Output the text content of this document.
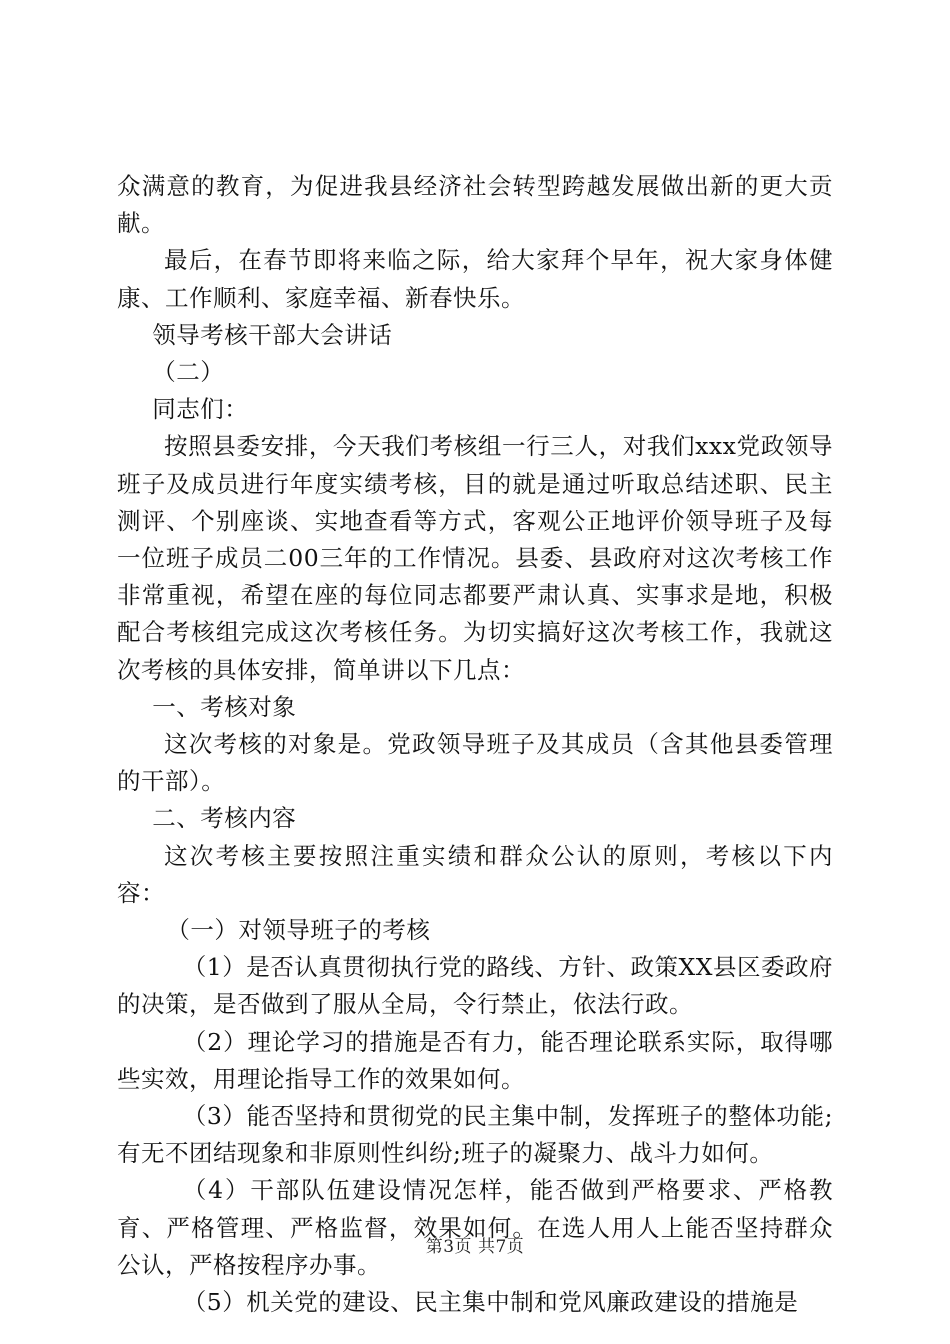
众满意的教育，为促进我县经济社会转型跨越发展做出新的更大贡献。

最后，在春节即将来临之际，给大家拜个早年，祝大家身体健康、工作顺利、家庭幸福、新春快乐。

领导考核干部大会讲话

（二）

同志们：

按照县委安排，今天我们考核组一行三人，对我们xxx党政领导班子及成员进行年度实绩考核，目的就是通过听取总结述职、民主测评、个别座谈、实地查看等方式，客观公正地评价领导班子及每一位班子成员二00三年的工作情况。县委、县政府对这次考核工作非常重视，希望在座的每位同志都要严肃认真、实事求是地，积极配合考核组完成这次考核任务。为切实搞好这次考核工作，我就这次考核的具体安排，简单讲以下几点：

一、考核对象

这次考核的对象是。党政领导班子及其成员（含其他县委管理的干部）。

二、考核内容

这次考核主要按照注重实绩和群众公认的原则，考核以下内容：

（一）对领导班子的考核

（1）是否认真贯彻执行党的路线、方针、政策XX县区委政府的决策，是否做到了服从全局，令行禁止，依法行政。

（2）理论学习的措施是否有力，能否理论联系实际，取得哪些实效，用理论指导工作的效果如何。

（3）能否坚持和贯彻党的民主集中制，发挥班子的整体功能;有无不团结现象和非原则性纠纷;班子的凝聚力、战斗力如何。

（4）干部队伍建设情况怎样，能否做到严格要求、严格教育、严格管理、严格监督，效果如何。在选人用人上能否坚持群众公认，严格按程序办事。

（5）机关党的建设、民主集中制和党风廉政建设的措施是

第3页 共7页
